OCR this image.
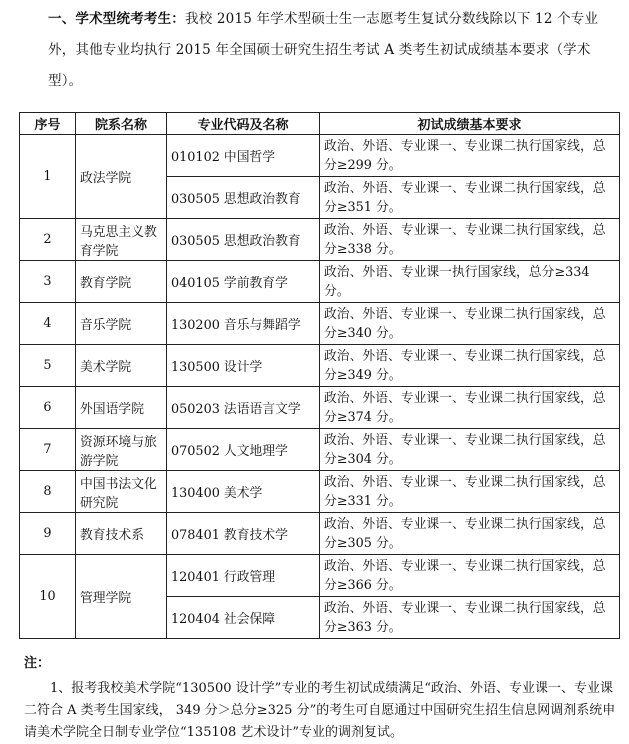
一、学术型统考考生：我校 2015 年学术型硕士生一志愿考生复试分数线除以下 12 个专业外，其他专业均执行 2015 年全国硕士研究生招生考试 A 类考生初试成绩基本要求（学术型）。
序号	院系名称	专业代码及名称	初试成绩基本要求
1	政法学院	010102 中国哲学	政治、外语、专业课一、专业课二执行国家线，总分≥299 分。
		030505 思想政治教育	政治、外语、专业课一、专业课二执行国家线，总分≥351 分。
2	马克思主义教育学院	030505 思想政治教育	政治、外语、专业课一、专业课二执行国家线，总分≥338 分。
3	教育学院	040105 学前教育学	政治、外语、专业课一执行国家线，总分≥334 分。
4	音乐学院	130200 音乐与舞蹈学	政治、外语、专业课一、专业课二执行国家线，总分≥340 分。
5	美术学院	130500 设计学	政治、外语、专业课一、专业课二执行国家线，总分≥349 分。
6	外国语学院	050203 法语语言文学	政治、外语、专业课一、专业课二执行国家线，总分≥374 分。
7	资源环境与旅游学院	070502 人文地理学	政治、外语、专业课一、专业课二执行国家线，总分≥304 分。
8	中国书法文化研究院	130400 美术学	政治、外语、专业课一、专业课二执行国家线，总分≥331 分。
9	教育技术系	078401 教育技术学	政治、外语、专业课一、专业课二执行国家线，总分≥305 分。
10	管理学院	120401 行政管理	政治、外语、专业课一、专业课二执行国家线，总分≥366 分。
		120404 社会保障	政治、外语、专业课一、专业课二执行国家线，总分≥363 分。
注：
1、报考我校美术学院“130500 设计学”专业的考生初试成绩满足“政治、外语、专业课一、专业课二符合 A 类考生国家线， 349 分＞总分≥325 分”的考生可自愿通过中国研究生招生信息网调剂系统申请美术学院全日制专业学位“135108 艺术设计”专业的调剂复试。
